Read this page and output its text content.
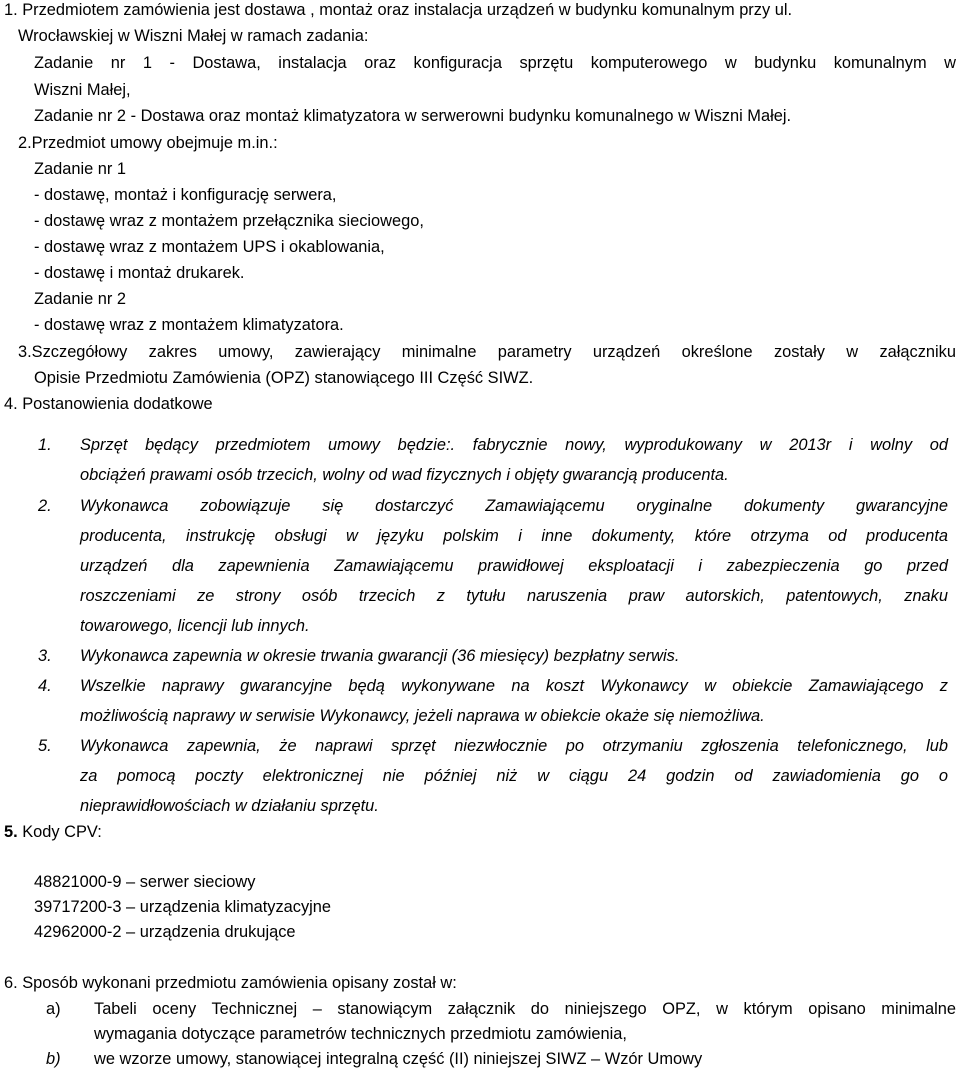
1. Przedmiotem zamówienia jest dostawa , montaż oraz instalacja urządzeń w budynku komunalnym przy ul.
Wrocławskiej w Wiszni Małej w ramach zadania:
Zadanie nr 1 - Dostawa, instalacja oraz konfiguracja sprzętu komputerowego w budynku komunalnym w
Wiszni Małej,
Zadanie nr 2 - Dostawa oraz montaż klimatyzatora w serwerowni budynku komunalnego w Wiszni Małej.
2.Przedmiot umowy obejmuje m.in.:
Zadanie nr 1
- dostawę, montaż i konfigurację serwera,
- dostawę wraz z montażem przełącznika sieciowego,
- dostawę wraz z montażem UPS i okablowania,
- dostawę i montaż drukarek.
Zadanie nr 2
- dostawę wraz z montażem klimatyzatora.
3.Szczegółowy zakres umowy, zawierający minimalne parametry urządzeń określone zostały w załączniku
Opisie Przedmiotu Zamówienia (OPZ) stanowiącego III Część SIWZ.
4. Postanowienia dodatkowe
1. Sprzęt będący przedmiotem umowy będzie:. fabrycznie nowy, wyprodukowany w 2013r i wolny od
obciążeń prawami osób trzecich, wolny od wad fizycznych i objęty gwarancją producenta.
2. Wykonawca zobowiązuje się dostarczyć Zamawiającemu oryginalne dokumenty gwarancyjne
producenta, instrukcję obsługi w języku polskim i inne dokumenty, które otrzyma od producenta
urządzeń dla zapewnienia Zamawiającemu prawidłowej eksploatacji i zabezpieczenia go przed
roszczeniami ze strony osób trzecich z tytułu naruszenia praw autorskich, patentowych, znaku
towarowego, licencji lub innych.
3. Wykonawca zapewnia w okresie trwania gwarancji (36 miesięcy) bezpłatny serwis.
4. Wszelkie naprawy gwarancyjne będą wykonywane na koszt Wykonawcy w obiekcie Zamawiającego z
możliwością naprawy w serwisie Wykonawcy, jeżeli naprawa w obiekcie okaże się niemożliwa.
5. Wykonawca zapewnia, że naprawi sprzęt niezwłocznie po otrzymaniu zgłoszenia telefonicznego, lub
za pomocą poczty elektronicznej nie później niż w ciągu 24 godzin od zawiadomienia go o
nieprawidłowościach w działaniu sprzętu.
5. Kody CPV:
48821000-9 – serwer sieciowy
39717200-3 – urządzenia klimatyzacyjne
42962000-2 – urządzenia drukujące
6. Sposób wykonani przedmiotu zamówienia opisany został w:
a) Tabeli oceny Technicznej – stanowiącym załącznik do niniejszego OPZ, w którym opisano minimalne
wymagania dotyczące parametrów technicznych przedmiotu zamówienia,
b) we wzorze umowy, stanowiącej integralną część (II) niniejszej SIWZ – Wzór Umowy
